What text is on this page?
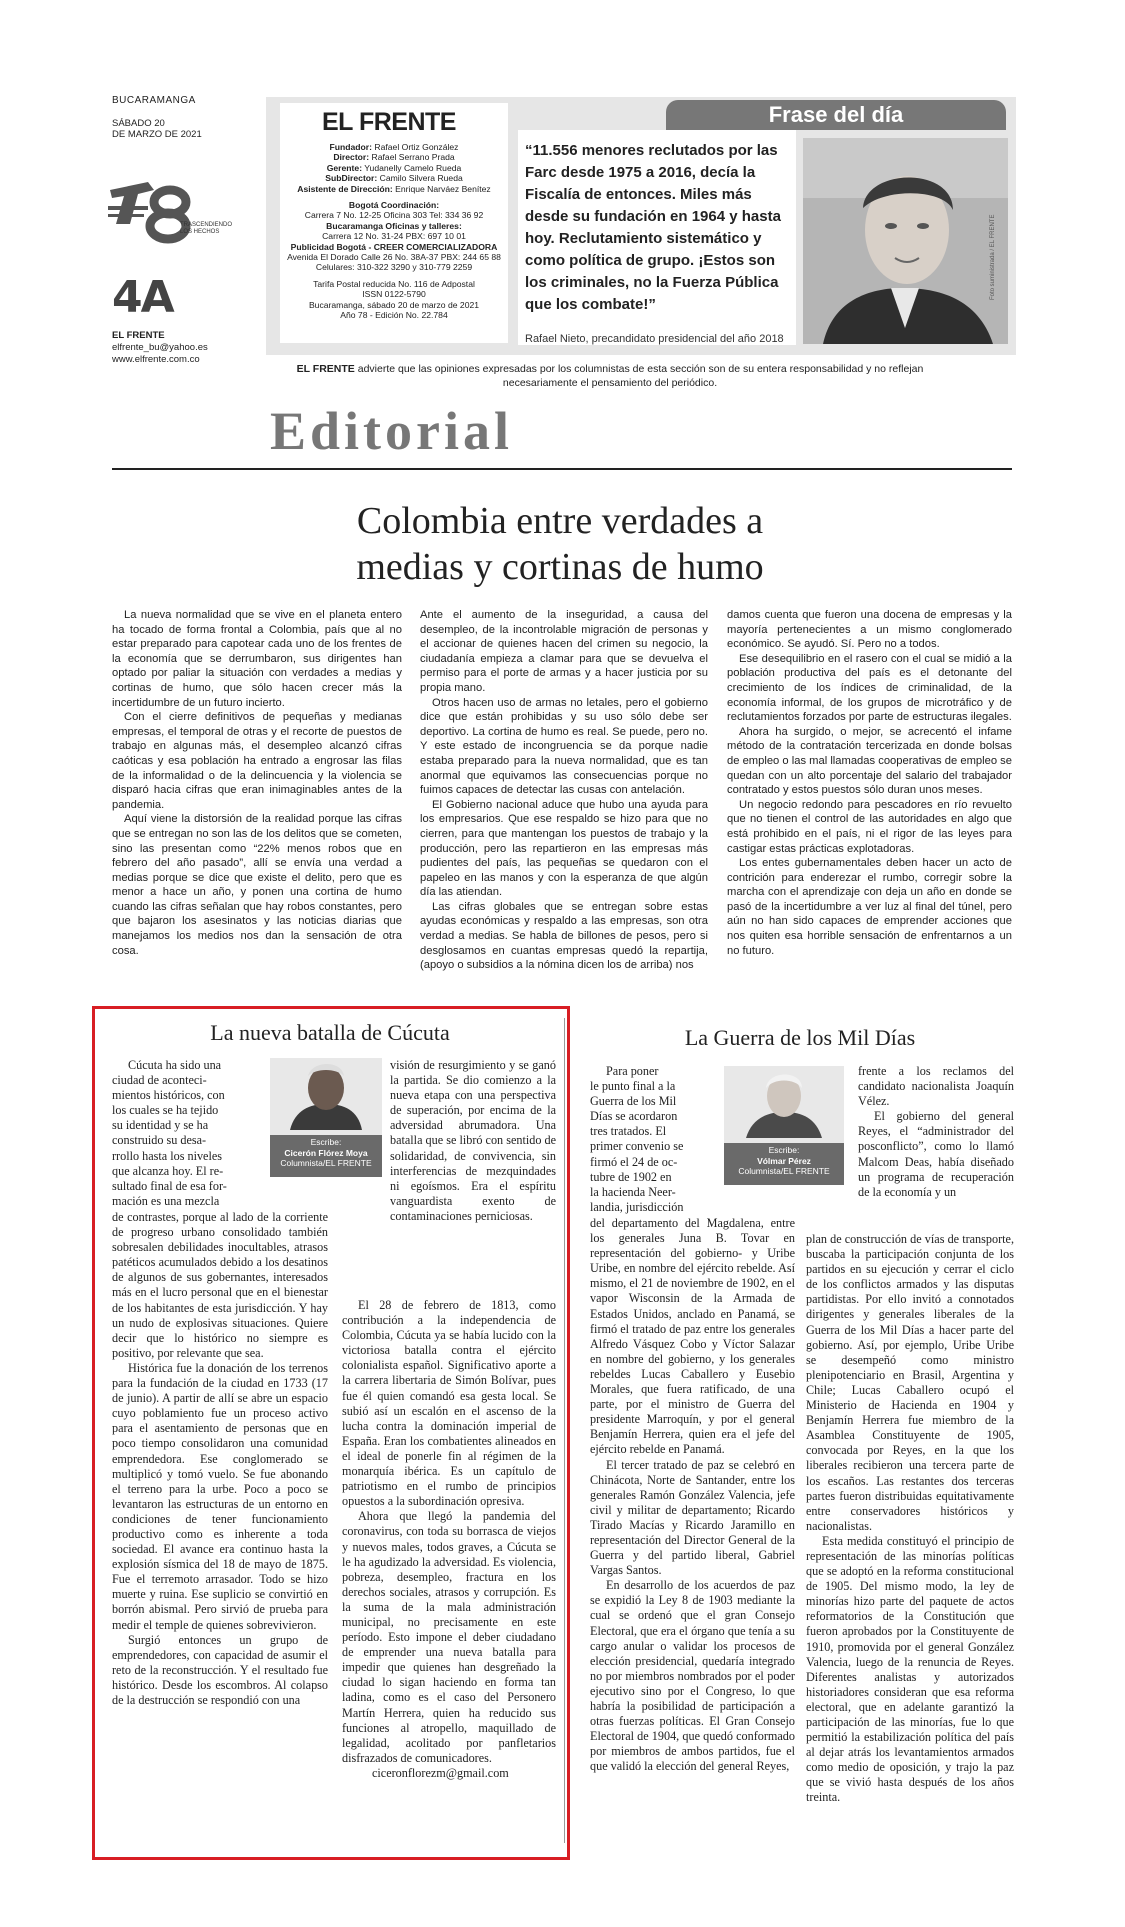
BUCARAMANGA
SÁBADO 20
DE MARZO DE 2021
TRASCENDIENDO LOS HECHOS
4A
EL FRENTE
elfrente_bu@yahoo.es
www.elfrente.com.co
EL FRENTE
Fundador: Rafael Ortiz González
Director: Rafael Serrano Prada
Gerente: Yudanelly Camelo Rueda
SubDirector: Camilo Silvera Rueda
Asistente de Dirección: Enrique Narváez Benítez
Bogotá Coordinación:
Carrera 7 No. 12-25 Oficina 303 Tel: 334 36 92
Bucaramanga Oficinas y talleres:
Carrera 12 No. 31-24 PBX: 697 10 01
Publicidad Bogotá - CREER COMERCIALIZADORA
Avenida El Dorado Calle 26 No. 38A-37 PBX: 244 65 88
Celulares: 310-322 3290 y 310-779 2259
Tarifa Postal reducida No. 116 de Adpostal
ISSN 0122-5790
Bucaramanga, sábado 20 de marzo de 2021
Año 78 - Edición No. 22.784
Frase del día
“11.556 menores reclutados por las Farc desde 1975 a 2016, decía la Fiscalía de entonces. Miles más desde su fundación en 1964 y hasta hoy. Reclutamiento sistemático y como política de grupo. ¡Estos son los criminales, no la Fuerza Pública que los combate!”
Rafael Nieto, precandidato presidencial del año 2018
Foto suministrada / EL FRENTE
EL FRENTE advierte que las opiniones expresadas por los columnistas de esta sección son de su entera responsabilidad y no reflejan necesariamente el pensamiento del periódico.
Editorial
Colombia entre verdades a
medias y cortinas de humo

La nueva normalidad que se vive en el planeta entero ha tocado de forma frontal a Colombia, país que al no estar preparado para capotear cada uno de los frentes de la economía que se derrumbaron, sus dirigentes han optado por paliar la situación con verdades a medias y cortinas de humo, que sólo hacen crecer más la incertidumbre de un futuro incierto.

Con el cierre definitivos de pequeñas y medianas empresas, el temporal de otras y el recorte de puestos de trabajo en algunas más, el desempleo alcanzó cifras caóticas y esa población ha entrado a engrosar las filas de la informalidad o de la delincuencia y la violencia se disparó hacia cifras que eran inimaginables antes de la pandemia.

Aquí viene la distorsión de la realidad porque las cifras que se entregan no son las de los delitos que se cometen, sino las presentan como “22% menos robos que en febrero del año pasado”, allí se envía una verdad a medias porque se dice que existe el delito, pero que es menor a hace un año, y ponen una cortina de humo cuando las cifras señalan que hay robos constantes, pero que bajaron los asesinatos y las noticias diarias que manejamos los medios nos dan la sensación de otra cosa.

Ante el aumento de la inseguridad, a causa del desempleo, de la incontrolable migración de personas y el accionar de quienes hacen del crimen su negocio, la ciudadanía empieza a clamar para que se devuelva el permiso para el porte de armas y a hacer justicia por su propia mano.

Otros hacen uso de armas no letales, pero el gobierno dice que están prohibidas y su uso sólo debe ser deportivo. La cortina de humo es real. Se puede, pero no. Y este estado de incongruencia se da porque nadie estaba preparado para la nueva normalidad, que es tan anormal que equivamos las consecuencias porque no fuimos capaces de detectar las cusas con antelación.

El Gobierno nacional aduce que hubo una ayuda para los empresarios. Que ese respaldo se hizo para que no cierren, para que mantengan los puestos de trabajo y la producción, pero las repartieron en las empresas más pudientes del país, las pequeñas se quedaron con el papeleo en las manos y con la esperanza de que algún día las atiendan.

Las cifras globales que se entregan sobre estas ayudas económicas y respaldo a las empresas, son otra verdad a medias. Se habla de billones de pesos, pero si desglosamos en cuantas empresas quedó la repartija, (apoyo o subsidios a la nómina dicen los de arriba) nos

damos cuenta que fueron una docena de empresas y la mayoría pertenecientes a un mismo conglomerado económico. Se ayudó. Sí. Pero no a todos.

Ese desequilibrio en el rasero con el cual se midió a la población productiva del país es el detonante del crecimiento de los índices de criminalidad, de la economía informal, de los grupos de microtráfico y de reclutamientos forzados por parte de estructuras ilegales.

Ahora ha surgido, o mejor, se acrecentó el infame método de la contratación tercerizada en donde bolsas de empleo o las mal llamadas cooperativas de empleo se quedan con un alto porcentaje del salario del trabajador contratado y estos puestos sólo duran unos meses.

Un negocio redondo para pescadores en río revuelto que no tienen el control de las autoridades en algo que está prohibido en el país, ni el rigor de las leyes para castigar estas prácticas explotadoras.

Los entes gubernamentales deben hacer un acto de contrición para enderezar el rumbo, corregir sobre la marcha con el aprendizaje con deja un año en donde se pasó de la incertidumbre a ver luz al final del túnel, pero aún no han sido capaces de emprender acciones que nos quiten esa horrible sensación de enfrentarnos a un no futuro.

La nueva batalla de Cúcuta
Cúcuta ha sido una
ciudad de aconteci-
mientos históricos, con
los cuales se ha tejido
su identidad y se ha
construido su desa-
rrollo hasta los niveles
que alcanza hoy. El re-
sultado final de esa for-
mación es una mezcla
Escribe:
Cicerón Flórez Moya
Columnista/EL FRENTE

de contrastes, porque al lado de la corriente de progreso urbano consolidado también sobresalen debilidades inocultables, atrasos patéticos acumulados debido a los desatinos de algunos de sus gobernantes, interesados más en el lucro personal que en el bienestar de los habitantes de esta jurisdicción. Y hay un nudo de explosivas situaciones. Quiere decir que lo histórico no siempre es positivo, por relevante que sea.

Histórica fue la donación de los terrenos para la fundación de la ciudad en 1733 (17 de junio). A partir de allí se abre un espacio cuyo poblamiento fue un proceso activo para el asentamiento de personas que en poco tiempo consolidaron una comunidad emprendedora. Ese conglomerado se multiplicó y tomó vuelo. Se fue abonando el terreno para la urbe. Poco a poco se levantaron las estructuras de un entorno en condiciones de tener funcionamiento productivo como es inherente a toda sociedad. El avance era continuo hasta la explosión sísmica del 18 de mayo de 1875. Fue el terremoto arrasador. Todo se hizo muerte y ruina. Ese suplicio se convirtió en borrón abismal. Pero sirvió de prueba para medir el temple de quienes sobrevivieron.

Surgió entonces un grupo de emprendedores, con capacidad de asumir el reto de la reconstrucción. Y el resultado fue histórico. Desde los escombros. Al colapso de la destrucción se respondió con una

visión de resurgimiento y se ganó la partida. Se dio comienzo a la nueva etapa con una perspectiva de superación, por encima de la adversidad abrumadora. Una batalla que se libró con sentido de solidaridad, de convivencia, sin interferencias de mezquindades ni egoísmos. Era el espíritu vanguardista exento de contaminaciones perniciosas.

El 28 de febrero de 1813, como contribución a la independencia de Colombia, Cúcuta ya se había lucido con la victoriosa batalla contra el ejército colonialista español. Significativo aporte a la carrera libertaria de Simón Bolívar, pues fue él quien comandó esa gesta local. Se subió así un escalón en el ascenso de la lucha contra la dominación imperial de España. Eran los combatientes alineados en el ideal de ponerle fin al régimen de la monarquía ibérica. Es un capítulo de patriotismo en el rumbo de principios opuestos a la subordinación opresiva.

Ahora que llegó la pandemia del coronavirus, con toda su borrasca de viejos y nuevos males, todos graves, a Cúcuta se le ha agudizado la adversidad. Es violencia, pobreza, desempleo, fractura en los derechos sociales, atrasos y corrupción. Es la suma de la mala administración municipal, no precisamente en este período. Esto impone el deber ciudadano de emprender una nueva batalla para impedir que quienes han desgreñado la ciudad lo sigan haciendo en forma tan ladina, como es el caso del Personero Martín Herrera, quien ha reducido sus funciones al atropello, maquillado de legalidad, acolitado por panfletarios disfrazados de comunicadores.

ciceronflorezm@gmail.com

La Guerra de los Mil Días
Para poner
le punto final a la
Guerra de los Mil
Días se acordaron
tres tratados. El
primer convenio se
firmó el 24 de oc-
tubre de 1902 en
la hacienda Neer-
landia, jurisdicción
Escribe:
Vólmar Pérez
Columnista/EL FRENTE

del departamento del Magdalena, entre los generales Juna B. Tovar en representación del gobierno- y Uribe Uribe, en nombre del ejército rebelde. Así mismo, el 21 de noviembre de 1902, en el vapor Wisconsin de la Armada de Estados Unidos, anclado en Panamá, se firmó el tratado de paz entre los generales Alfredo Vásquez Cobo y Víctor Salazar en nombre del gobierno, y los generales rebeldes Lucas Caballero y Eusebio Morales, que fuera ratificado, de una parte, por el ministro de Guerra del presidente Marroquín, y por el general Benjamín Herrera, quien era el jefe del ejército rebelde en Panamá.

El tercer tratado de paz se celebró en Chinácota, Norte de Santander, entre los generales Ramón González Valencia, jefe civil y militar de departamento; Ricardo Tirado Macías y Ricardo Jaramillo en representación del Director General de la Guerra y del partido liberal, Gabriel Vargas Santos.

En desarrollo de los acuerdos de paz se expidió la Ley 8 de 1903 mediante la cual se ordenó que el gran Consejo Electoral, que era el órgano que tenía a su cargo anular o validar los procesos de elección presidencial, quedaría integrado no por miembros nombrados por el poder ejecutivo sino por el Congreso, lo que habría la posibilidad de participación a otras fuerzas políticas. El Gran Consejo Electoral de 1904, que quedó conformado por miembros de ambos partidos, fue el que validó la elección del general Reyes,

frente a los reclamos del candidato nacionalista Joaquín Vélez.

El gobierno del general Reyes, el “administrador del posconflicto”, como lo llamó Malcom Deas, había diseñado un programa de recuperación de la economía y un

plan de construcción de vías de transporte, buscaba la participación conjunta de los partidos en su ejecución y cerrar el ciclo de los conflictos armados y las disputas partidistas. Por ello invitó a connotados dirigentes y generales liberales de la Guerra de los Mil Días a hacer parte del gobierno. Así, por ejemplo, Uribe Uribe se desempeñó como ministro plenipotenciario en Brasil, Argentina y Chile; Lucas Caballero ocupó el Ministerio de Hacienda en 1904 y Benjamín Herrera fue miembro de la Asamblea Constituyente de 1905, convocada por Reyes, en la que los liberales recibieron una tercera parte de los escaños. Las restantes dos terceras partes fueron distribuidas equitativamente entre conservadores históricos y nacionalistas.

Esta medida constituyó el principio de representación de las minorías políticas que se adoptó en la reforma constitucional de 1905. Del mismo modo, la ley de minorías hizo parte del paquete de actos reformatorios de la Constitución que fueron aprobados por la Constituyente de 1910, promovida por el general González Valencia, luego de la renuncia de Reyes. Diferentes analistas y autorizados historiadores consideran que esa reforma electoral, que en adelante garantizó la participación de las minorías, fue lo que permitió la estabilización política del país al dejar atrás los levantamientos armados como medio de oposición, y trajo la paz que se vivió hasta después de los años treinta.
